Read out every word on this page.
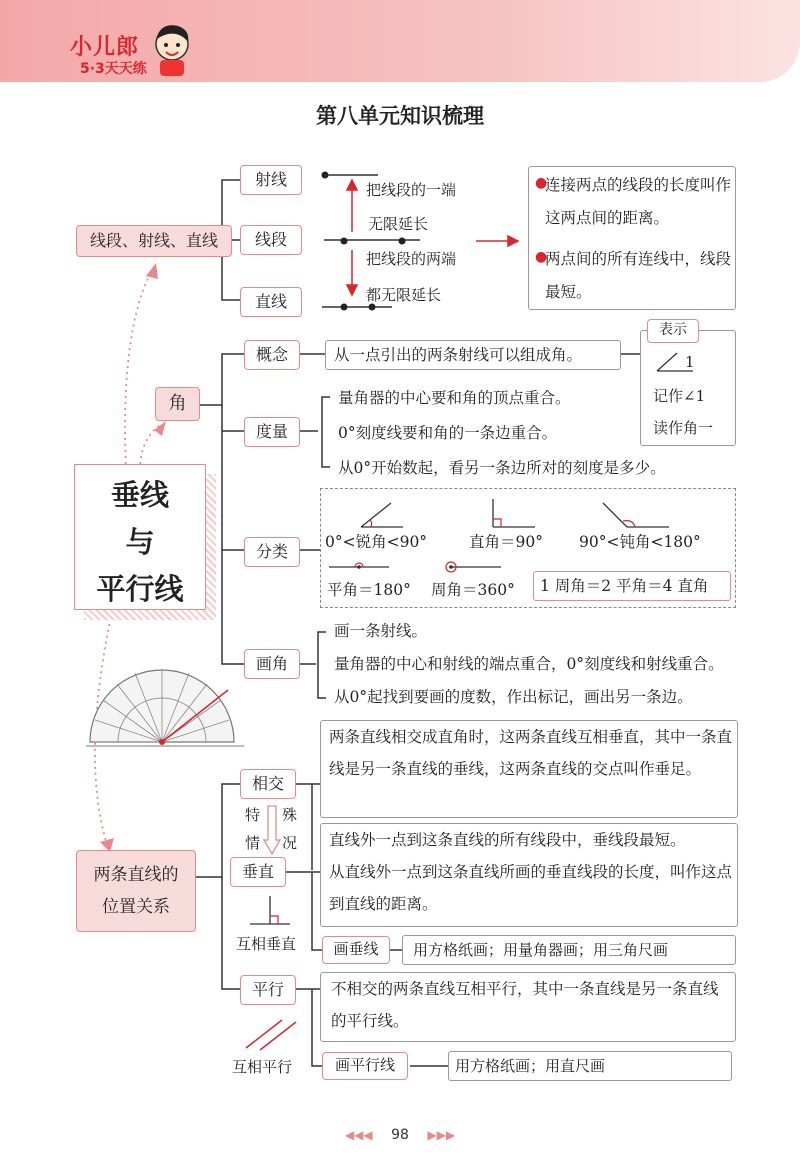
小儿郎
5·3天天练
第八单元知识梳理
线段、射线、直线
射线
线段
直线
把线段的一端
无限延长
把线段的两端
都无限延长
●
连接两点的线段的长度叫作这两点间的距离。
●
两点间的所有连线中，线段最短。
垂线
与
平行线
角
概念	从一点引出的两条射线可以组成角。
表示
1
记作∠1
读作角一
度量
量角器的中心要和角的顶点重合。
0°刻度线要和角的一条边重合。
从0°开始数起，看另一条边所对的刻度是多少。
分类	0°<锐角<90°	直角＝90° 90°<钝角<180°
平角＝180° 周角＝360° 1 周角＝2 平角＝4 直角
画角
画一条射线。
量角器的中心和射线的端点重合，0°刻度线和射线重合。
从0°起找到要画的度数，作出标记，画出另一条边。
两条直线的
位置关系
相交
特 殊
情 况
垂直
互相垂直
两条直线相交成直角时，这两条直线互相垂直，其中一条直线是另一条直线的垂线，这两条直线的交点叫作垂足。
直线外一点到这条直线的所有线段中，垂线段最短。
从直线外一点到这条直线所画的垂直线段的长度，叫作这点到直线的距离。
画垂线	用方格纸画；用量角器画；用三角尺画
平行	不相交的两条直线互相平行，其中一条直线是另一条直线的平行线。
互相平行	画平行线	用方格纸画；用直尺画
◀◀◀ 98 ▶▶▶
